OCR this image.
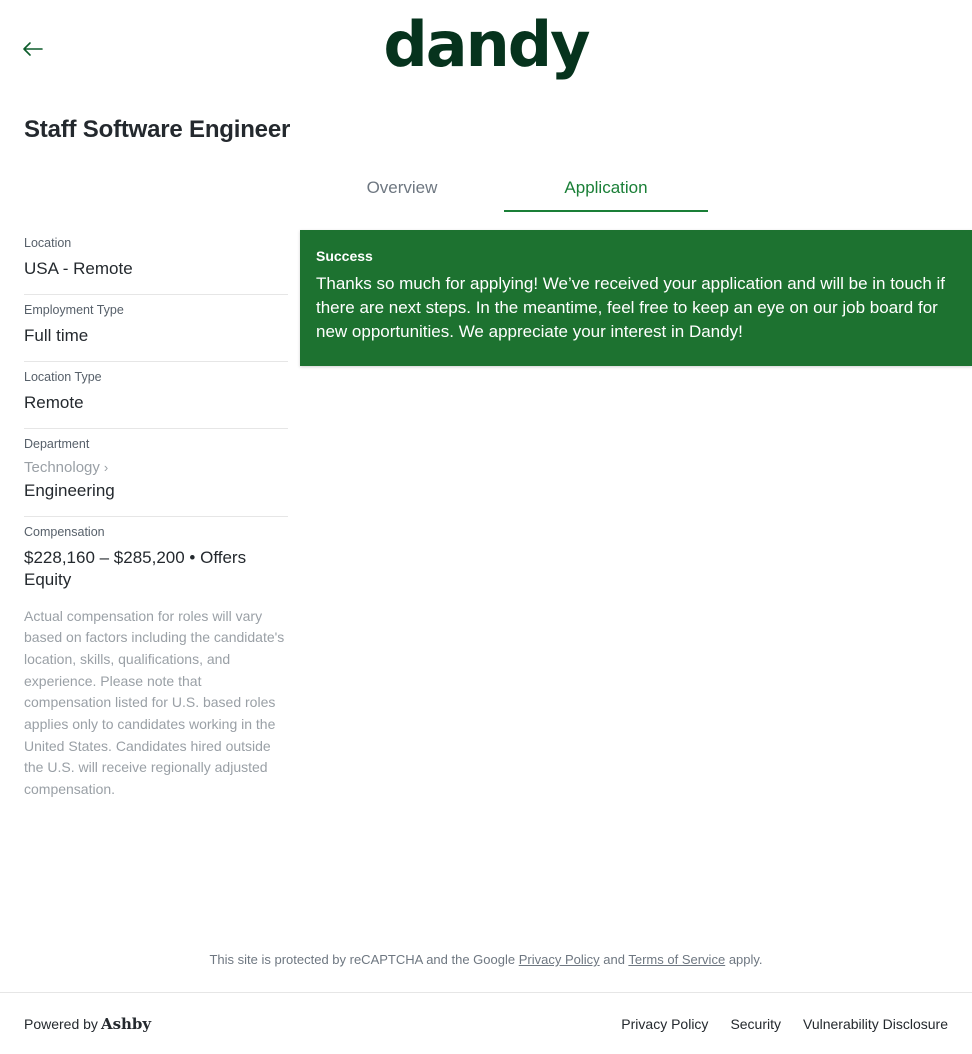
dandy
Staff Software Engineer
Overview	Application
Location
USA - Remote
Employment Type
Full time
Location Type
Remote
Department
Technology ›
Engineering
Compensation
$228,160 – $285,200 • Offers Equity
Actual compensation for roles will vary based on factors including the candidate's location, skills, qualifications, and experience. Please note that compensation listed for U.S. based roles applies only to candidates working in the United States. Candidates hired outside the U.S. will receive regionally adjusted compensation.
Success
Thanks so much for applying! We’ve received your application and will be in touch if there are next steps. In the meantime, feel free to keep an eye on our job board for new opportunities. We appreciate your interest in Dandy!
This site is protected by reCAPTCHA and the Google Privacy Policy and Terms of Service apply.
Powered by Ashby	Privacy Policy Security Vulnerability Disclosure
